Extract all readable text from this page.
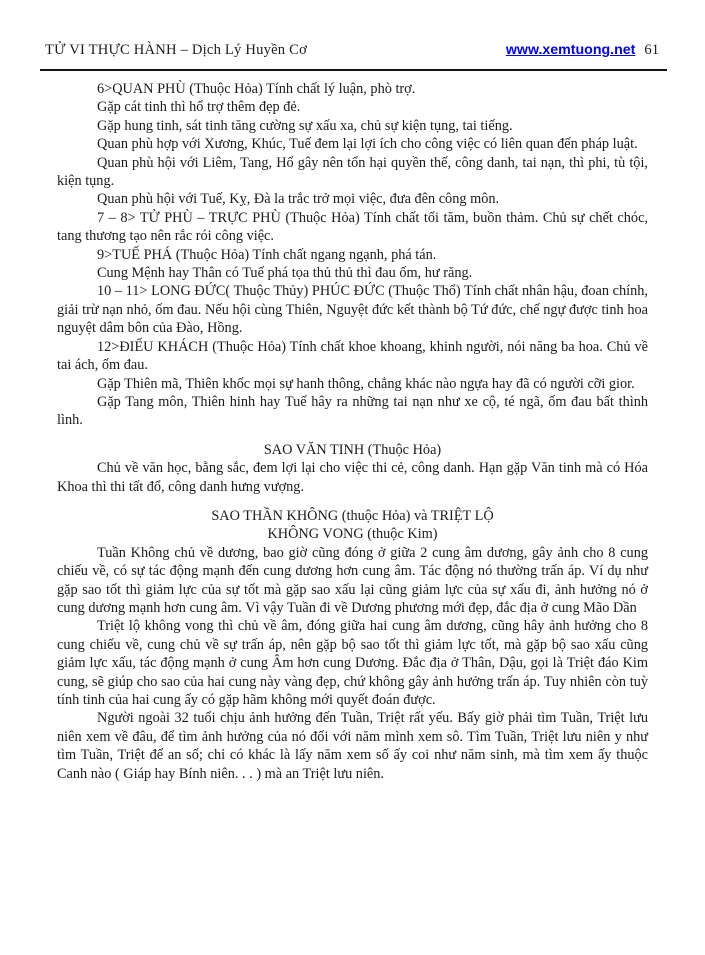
TỬ VI THỰC HÀNH – Dịch Lý Huyền Cơ	www.xemtuong.net 61

6>QUAN PHÙ (Thuộc Hỏa) Tính chất lý luận, phò trợ.

Gặp cát tinh thì hổ trợ thêm đẹp đẻ.

Gặp hung tinh, sát tinh tăng cường sự xấu xa, chủ sự kiện tụng, tai tiếng.

Quan phù hợp với Xương, Khúc, Tuế đem lại lợi ích cho công việc có liên quan đến pháp luật.

Quan phù hội với Liêm, Tang, Hổ gây nên tổn hại quyền thế, công danh, tai nạn, thì phi, tù tội, kiện tụng.

Quan phù hội với Tuế, Kỵ, Đà la trắc trở mọi việc, đưa đên công môn.

7 – 8> TỬ PHÙ – TRỰC PHÙ (Thuộc Hỏa) Tính chất tối tăm, buồn thảm. Chủ sự chết chóc, tang thương tạo nên rắc rói công việc.

9>TUẾ PHÁ (Thuộc Hỏa) Tính chất ngang ngạnh, phá tán.

Cung Mệnh hay Thân có Tuế phá tọa thủ thủ thì đau ốm, hư răng.

10 – 11> LONG ĐỨC( Thuộc Thủy) PHÚC ĐỨC (Thuộc Thổ) Tính chất nhân hậu, đoan chính, giải trừ nạn nhỏ, ốm đau. Nếu hội cùng Thiên, Nguyệt đức kết thành bộ Tứ đức, chế ngự được tinh hoa nguyệt dâm bôn của Đào, Hồng.

12>ĐIẾU KHÁCH (Thuộc Hỏa) Tính chất khoe khoang, khinh người, nói năng ba hoa. Chủ về tai ách, ốm đau.

Gặp Thiên mã, Thiên khốc mọi sự hanh thông, chẳng khác nào ngựa hay đã có người cỡi gior.

Gặp Tang môn, Thiên hinh hay Tuế hây ra những tai nạn như xe cộ, té ngã, ốm đau bất thình lình.

SAO VĂN TINH (Thuộc Hỏa)

Chủ về văn học, bằng sắc, đem lợi lại cho việc thi cẻ, công danh. Hạn gặp Văn tinh mà có Hóa Khoa thì thi tất đổ, công danh hưng vượng.

SAO THẦN KHÔNG (thuộc Hỏa) và TRIỆT LỘ
KHÔNG VONG (thuộc Kim)

Tuần Không chủ về dương, bao giờ cũng đóng ở giữa 2 cung âm dương, gây ảnh cho 8 cung chiếu về, có sự tác động mạnh đến cung dương hơn cung âm. Tác động nó thường trấn áp. Ví dụ như gặp sao tốt thì giảm lực của sự tốt mà gặp sao xấu lại cũng giảm lực của sự xấu đi, ảnh hưởng nó ở cung dương mạnh hơn cung âm. Vì vậy Tuần đi về Dương phương mới đẹp, đắc địa ở cung Mão Dần

Triệt lộ không vong thì chủ về âm, đóng giữa hai cung âm dương, cũng hây ảnh hưởng cho 8 cung chiếu về, cung chủ về sự trấn áp, nên gặp bộ sao tốt thì giảm lực tốt, mà gặp bộ sao xấu cũng giảm lực xấu, tác động mạnh ở cung Âm hơn cung Dương. Đắc địa ở Thân, Dậu, gọi là Triệt đáo Kim cung, sẽ giúp cho sao của hai cung này vàng đẹp, chứ không gây ảnh hưởng trấn áp. Tuy nhiên còn tuỳ tính tinh của hai cung ấy có gặp hãm không mới quyết đoán được.

Người ngoài 32 tuổi chịu ảnh hưởng đến Tuần, Triệt rất yếu. Bấy giờ phải tìm Tuần, Triệt lưu niên xem về đâu, để tìm ảnh hưởng của nó đối với năm mình xem sô. Tìm Tuần, Triệt lưu niên y như tìm Tuần, Triệt để an số; chỉ có khác là lấy năm xem số ấy coi như năm sinh, mà tìm xem ấy thuộc Canh nào ( Giáp hay Bính niên. . . ) mà an Triệt lưu niên.
